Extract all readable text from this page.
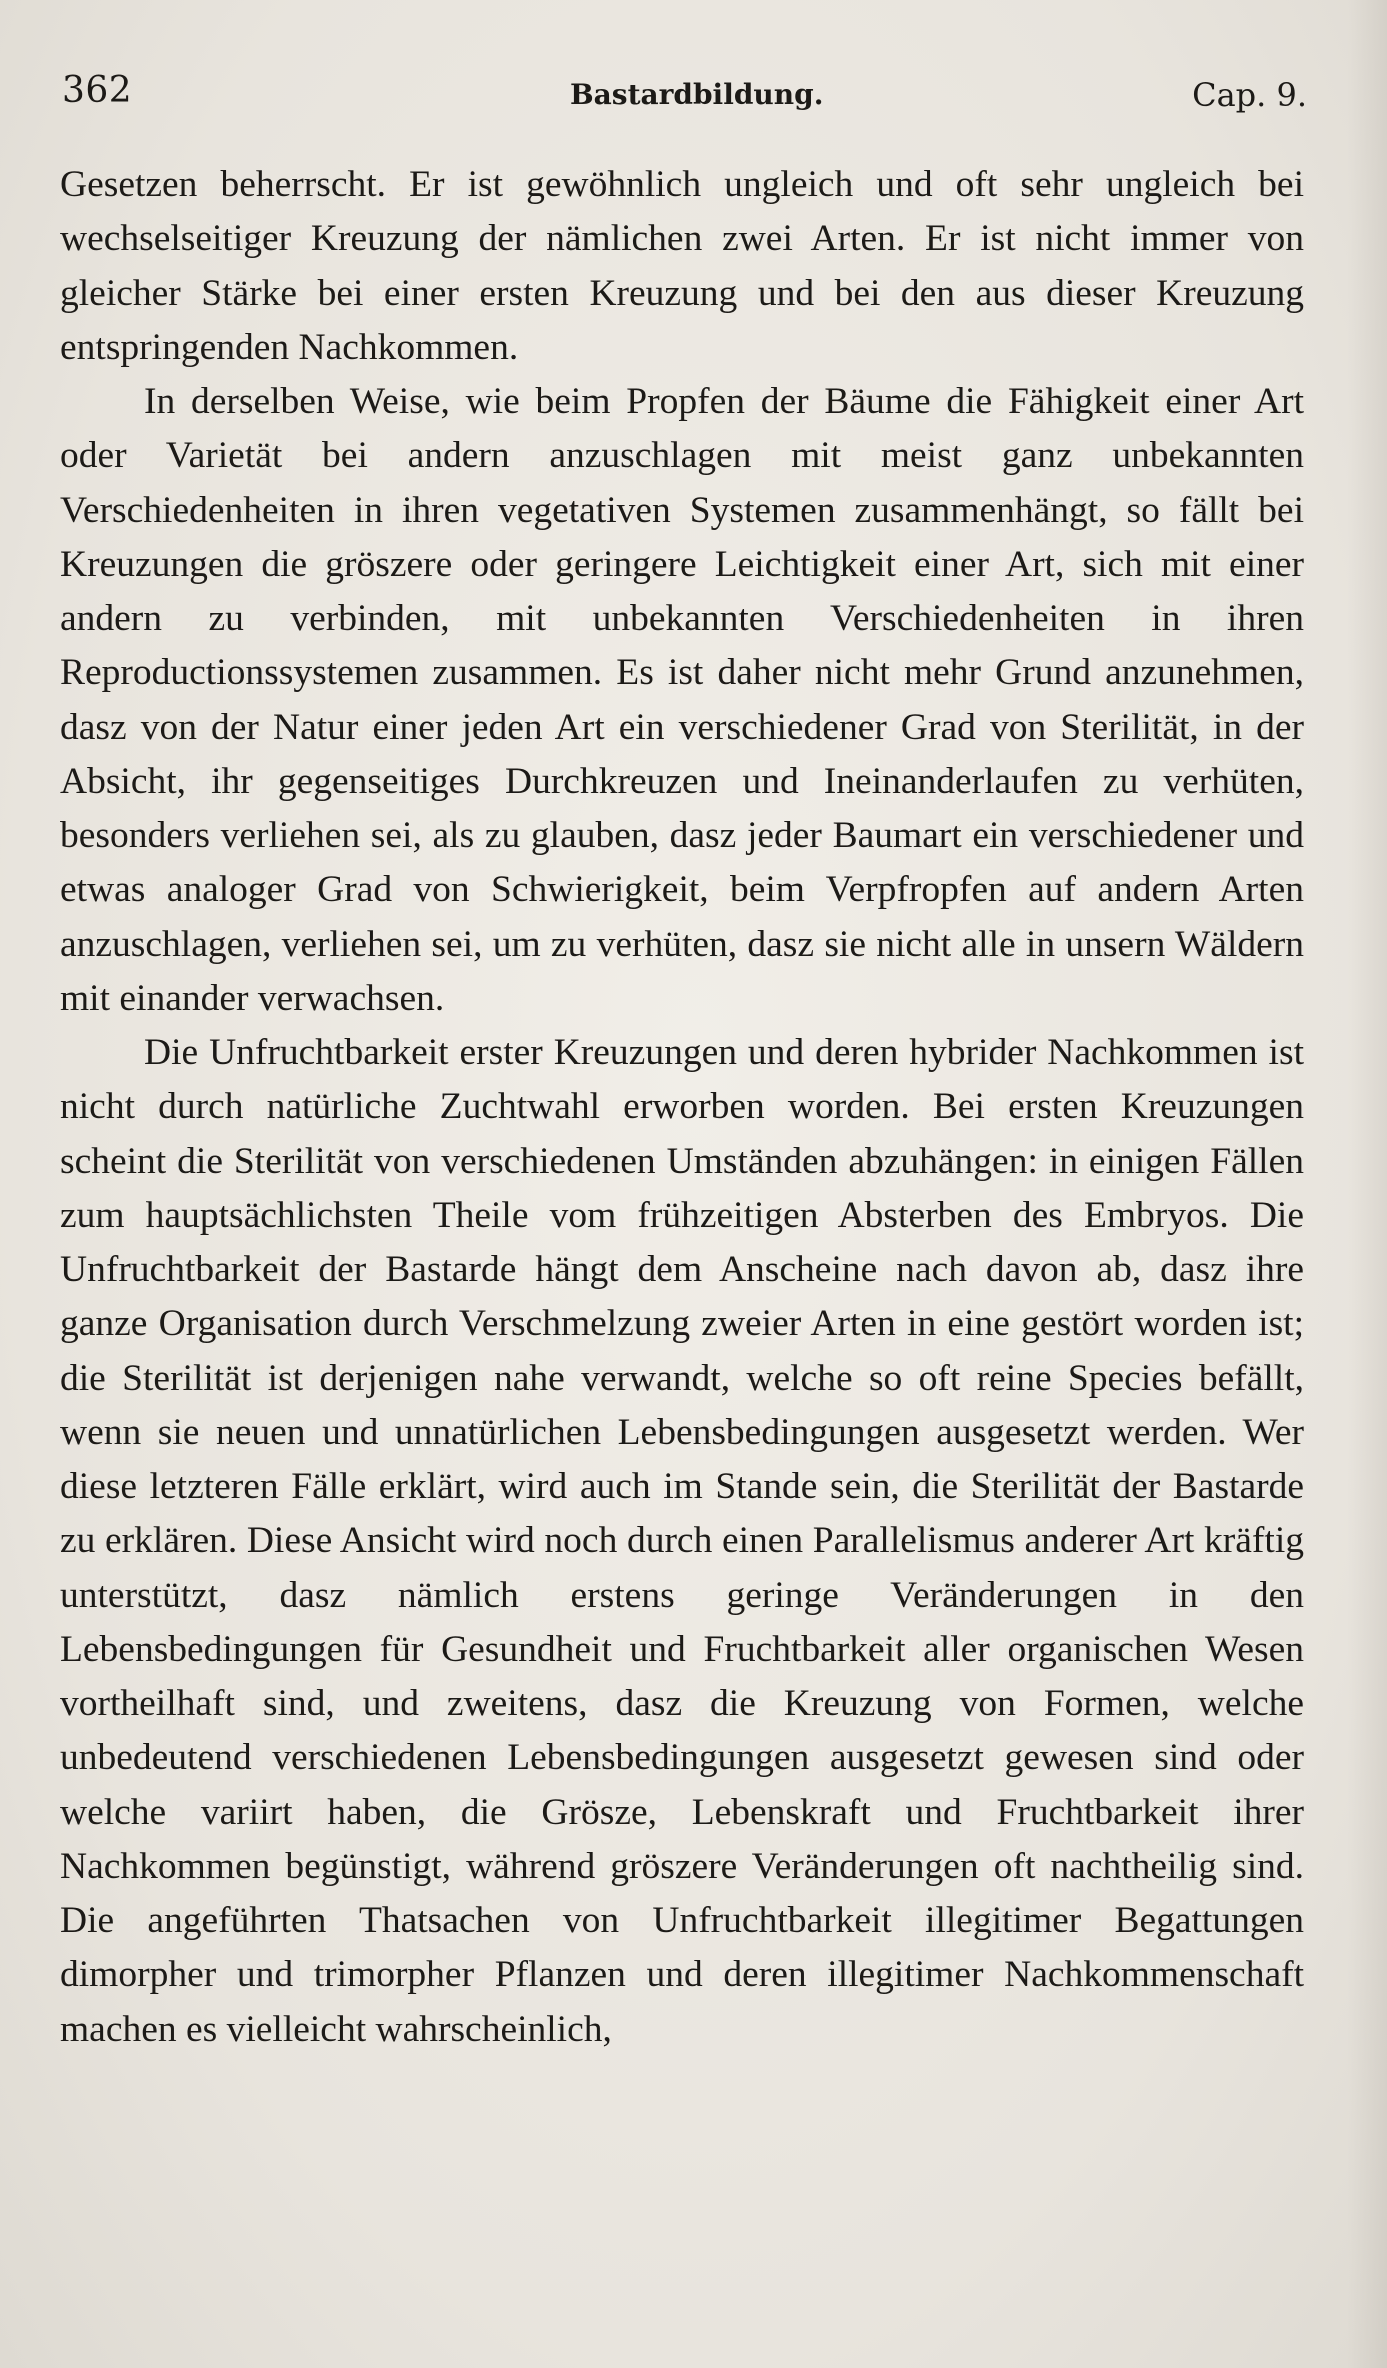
362	Bastardbildung.	Cap. 9.

Gesetzen beherrscht. Er ist gewöhnlich ungleich und oft sehr ungleich bei wechselseitiger Kreuzung der nämlichen zwei Arten. Er ist nicht immer von gleicher Stärke bei einer ersten Kreuzung und bei den aus dieser Kreuzung entspringenden Nachkommen.

In derselben Weise, wie beim Propfen der Bäume die Fähigkeit einer Art oder Varietät bei andern anzuschlagen mit meist ganz unbekannten Verschiedenheiten in ihren vegetativen Systemen zusammenhängt, so fällt bei Kreuzungen die gröszere oder geringere Leichtigkeit einer Art, sich mit einer andern zu verbinden, mit unbekannten Verschiedenheiten in ihren Reproductionssystemen zusammen. Es ist daher nicht mehr Grund anzunehmen, dasz von der Natur einer jeden Art ein verschiedener Grad von Sterilität, in der Absicht, ihr gegenseitiges Durchkreuzen und Ineinanderlaufen zu verhüten, besonders verliehen sei, als zu glauben, dasz jeder Baumart ein verschiedener und etwas analoger Grad von Schwierigkeit, beim Verpfropfen auf andern Arten anzuschlagen, verliehen sei, um zu verhüten, dasz sie nicht alle in unsern Wäldern mit einander verwachsen.

Die Unfruchtbarkeit erster Kreuzungen und deren hybrider Nachkommen ist nicht durch natürliche Zuchtwahl erworben worden. Bei ersten Kreuzungen scheint die Sterilität von verschiedenen Umständen abzuhängen: in einigen Fällen zum hauptsächlichsten Theile vom frühzeitigen Absterben des Embryos. Die Unfruchtbarkeit der Bastarde hängt dem Anscheine nach davon ab, dasz ihre ganze Organisation durch Verschmelzung zweier Arten in eine gestört worden ist; die Sterilität ist derjenigen nahe verwandt, welche so oft reine Species befällt, wenn sie neuen und unnatürlichen Lebensbedingungen ausgesetzt werden. Wer diese letzteren Fälle erklärt, wird auch im Stande sein, die Sterilität der Bastarde zu erklären. Diese Ansicht wird noch durch einen Parallelismus anderer Art kräftig unterstützt, dasz nämlich erstens geringe Veränderungen in den Lebensbedingungen für Gesundheit und Fruchtbarkeit aller organischen Wesen vortheilhaft sind, und zweitens, dasz die Kreuzung von Formen, welche unbedeutend verschiedenen Lebensbedingungen ausgesetzt gewesen sind oder welche variirt haben, die Grösze, Lebenskraft und Fruchtbarkeit ihrer Nachkommen begünstigt, während gröszere Veränderungen oft nachtheilig sind. Die angeführten Thatsachen von Unfruchtbarkeit illegitimer Begattungen dimorpher und trimorpher Pflanzen und deren illegitimer Nachkommenschaft machen es vielleicht wahrscheinlich,
